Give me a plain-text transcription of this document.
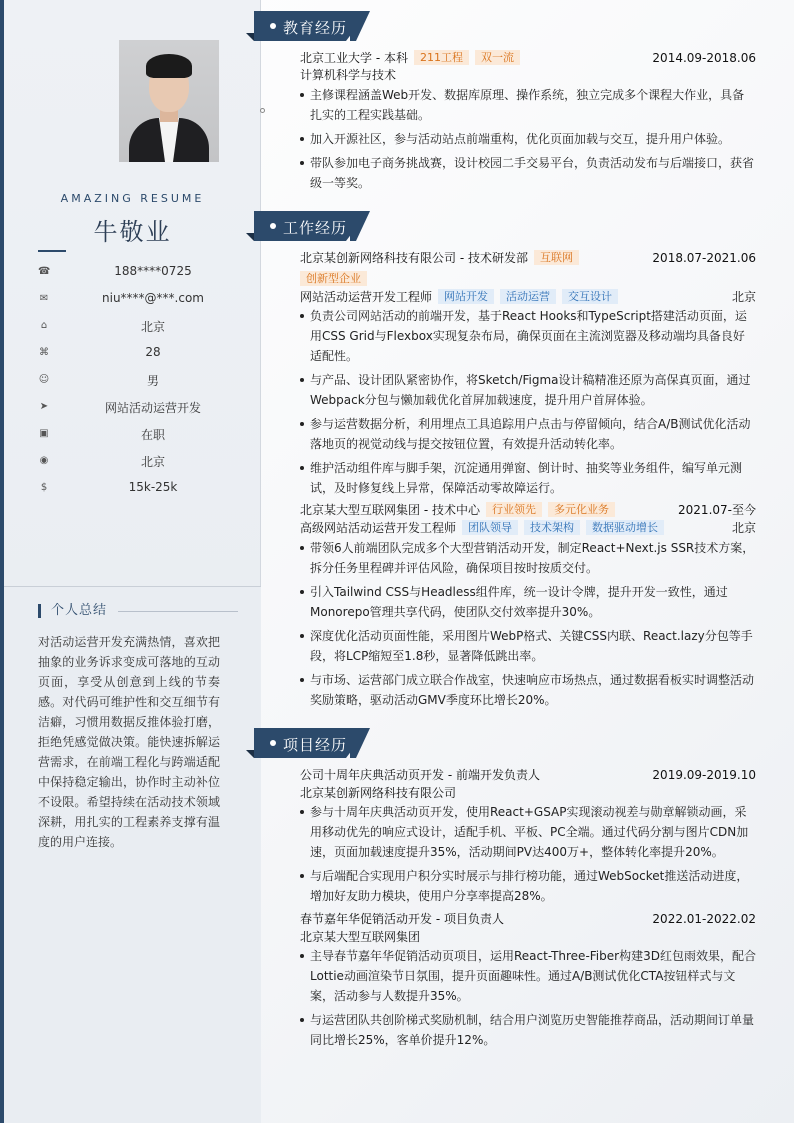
AMAZING RESUME
牛敬业
☎	188****0725
✉	niu****@***.com
⌂	北京
⌘	28
☺	男
➤	网站活动运营开发
▣	在职
◉	北京
$	15k-25k
个人总结
对活动运营开发充满热情，喜欢把抽象的业务诉求变成可落地的互动页面，享受从创意到上线的节奏感。对代码可维护性和交互细节有洁癖，习惯用数据反推体验打磨，拒绝凭感觉做决策。能快速拆解运营需求，在前端工程化与跨端适配中保持稳定输出，协作时主动补位不设限。希望持续在活动技术领域深耕，用扎实的工程素养支撑有温度的用户连接。
教育经历
北京工业大学 - 本科 211工程 双一流	2014.09-2018.06
计算机科学与技术
主修课程涵盖Web开发、数据库原理、操作系统，独立完成多个课程大作业，具备扎实的工程实践基础。
加入开源社区，参与活动站点前端重构，优化页面加载与交互，提升用户体验。
带队参加电子商务挑战赛，设计校园二手交易平台，负责活动发布与后端接口，获省级一等奖。
工作经历
北京某创新网络科技有限公司 - 技术研发部 互联网	2018.07-2021.06
创新型企业
网站活动运营开发工程师 网站开发 活动运营 交互设计	北京
负责公司网站活动的前端开发，基于React Hooks和TypeScript搭建活动页面，运用CSS Grid与Flexbox实现复杂布局，确保页面在主流浏览器及移动端均具备良好适配性。
与产品、设计团队紧密协作，将Sketch/Figma设计稿精准还原为高保真页面，通过Webpack分包与懒加载优化首屏加载速度，提升用户首屏体验。
参与运营数据分析，利用埋点工具追踪用户点击与停留倾向，结合A/B测试优化活动落地页的视觉动线与提交按钮位置，有效提升活动转化率。
维护活动组件库与脚手架，沉淀通用弹窗、倒计时、抽奖等业务组件，编写单元测试，及时修复线上异常，保障活动零故障运行。
北京某大型互联网集团 - 技术中心 行业领先 多元化业务	2021.07-至今
高级网站活动运营开发工程师 团队领导 技术架构 数据驱动增长	北京
带领6人前端团队完成多个大型营销活动开发，制定React+Next.js SSR技术方案，拆分任务里程碑并评估风险，确保项目按时按质交付。
引入Tailwind CSS与Headless组件库，统一设计令牌，提升开发一致性，通过Monorepo管理共享代码，使团队交付效率提升30%。
深度优化活动页面性能，采用图片WebP格式、关键CSS内联、React.lazy分包等手段，将LCP缩短至1.8秒，显著降低跳出率。
与市场、运营部门成立联合作战室，快速响应市场热点，通过数据看板实时调整活动奖励策略，驱动活动GMV季度环比增长20%。
项目经历
公司十周年庆典活动页开发 - 前端开发负责人	2019.09-2019.10
北京某创新网络科技有限公司
参与十周年庆典活动页开发，使用React+GSAP实现滚动视差与勋章解锁动画，采用移动优先的响应式设计，适配手机、平板、PC全端。通过代码分割与图片CDN加速，页面加载速度提升35%，活动期间PV达400万+，整体转化率提升20%。
与后端配合实现用户积分实时展示与排行榜功能，通过WebSocket推送活动进度，增加好友助力模块，使用户分享率提高28%。
春节嘉年华促销活动开发 - 项目负责人	2022.01-2022.02
北京某大型互联网集团
主导春节嘉年华促销活动页项目，运用React-Three-Fiber构建3D红包雨效果，配合Lottie动画渲染节日氛围，提升页面趣味性。通过A/B测试优化CTA按钮样式与文案，活动参与人数提升35%。
与运营团队共创阶梯式奖励机制，结合用户浏览历史智能推荐商品，活动期间订单量同比增长25%，客单价提升12%。
